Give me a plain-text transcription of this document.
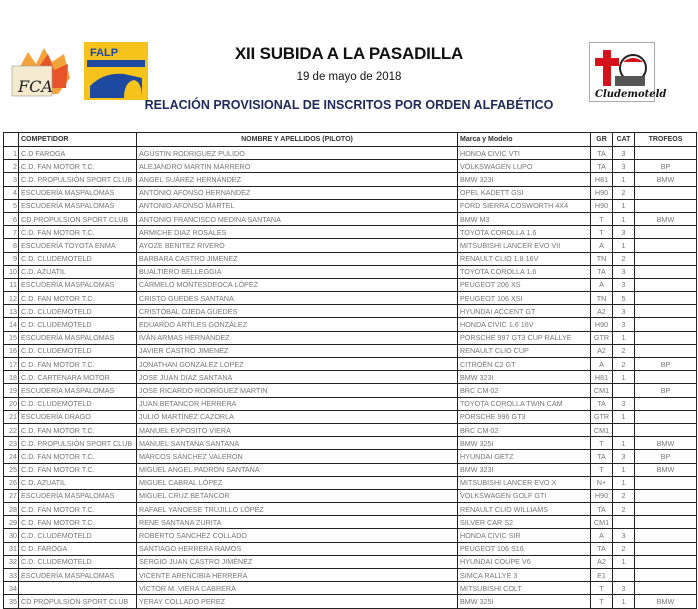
FCA
FALP
Cludemoteld
XII SUBIDA A LA PASADILLA
19 de mayo de 2018
RELACIÓN PROVISIONAL DE INSCRITOS POR ORDEN ALFABÉTICO
	COMPETIDOR	NOMBRE Y APELLIDOS (PILOTO)	Marca y Modelo	GR	CAT	TROFEOS
1	C.D FAROGA	AGUSTIN RODRIGUEZ PULIDO	HONDA CIVIC VTI	TA	3	
2	C.D. FAN MOTOR T.C.	ALEJANDRO MARTIN MARRERO	VOLKSWAGEN LUPO	TA	3	BP
3	C.D. PROPULSIÓN SPORT CLUB	ANGEL SUÁREZ HERNÁNDEZ	BMW 323I	H81	1	BMW
4	ESCUDERÍA MASPALOMAS	ANTONIO AFONSO HERNANDEZ	OPEL KADETT GSI	H90	2	
5	ESCUDERÍA MASPALOMAS	ANTONIO AFONSO MARTEL	FORD SIERRA COSWORTH 4X4	H90	1	
6	CD PROPULSION SPORT CLUB	ANTONIO FRANCISCO MEDINA SANTANA	BMW M3	T	1	BMW
7	C.D. FAN MOTOR T.C.	ARMICHE DIAZ ROSALES	TOYOTA COROLLA 1.6	T	3	
8	ESCUDERÍA TOYOTA ENMA	AYOZE BENITEZ RIVERO	MITSUBISHI LANCER EVO VII	A	1	
9	C.D. CLUDEMOTELD	BARBARA CASTRO JIMENEZ	RENAULT CLIO 1.8 16V	TN	2	
10	C.D. AZUATIL	BUALTIERO BELLEGGIA	TOYOTA COROLLA 1.6	TA	3	
11	ESCUDERÍA MASPALOMAS	CARMELO MONTESDEOCA LÓPEZ	PEUGEOT 206 XS	A	3	
12	C.D. FAN MOTOR T.C.	CRISTO GUEDES SANTANA	PEUGEOT 106 XSI	TN	5	
13	C.D. CLUDEMOTELD	CRISTÓBAL OJEDA GUEDES	HYUNDAI ACCENT GT	A2	3	
14	C.D. CLUDEMOTELD	EDUARDO ARTILES GONZÁLEZ	HONDA CIVIC 1.6 16V	H90	3	
15	ESCUDERÍA MASPALOMAS	IVÁN ARMAS HERNÁNDEZ	PORSCHE 997 GT3 CUP RALLYE	GTR	1	
16	C.D. CLUDEMOTELD	JAVIER CASTRO JIMENEZ	RENAULT CLIO CUP	A2	2	
17	C.D. FAN MOTOR T.C.	JONATHAN GONZALEZ LOPEZ	CITROËN C2 GT	A	2	BP
18	C.D. CARTENARA MOTOR	JOSE JUAN DIAZ SANTANA	BMW 323I	H81	1	
19	ESCUDERÍA MASPALOMAS	JOSE RICARDO RODRÍGUEZ MARTIN	BRC CM 02	CM1		BP
20	C.D. CLUDEMOTELD	JUAN BETANCOR HERRERA	TOYOTA COROLLA TWIN CAM	TA	3	
21	ESCUDERÍA DRAGO	JULIO MARTÍNEZ CAZORLA	PORSCHE 996 GT3	GTR	1	
22	C.D. FAN MOTOR T.C.	MANUEL EXPOSITO VIERA	BRC CM 02	CM1		
23	C.D. PROPULSIÓN SPORT CLUB	MANUEL SANTANA SANTANA	BMW 325I	T	1	BMW
24	C.D. FAN MOTOR T.C.	MARCOS SÁNCHEZ VALERON	HYUNDAI GETZ	TA	3	BP
25	C.D. FAN MOTOR T.C.	MIGUEL ANGEL PADRON SANTANA	BMW 323I	T	1	BMW
26	C.D. AZUATIL	MIGUEL CABRAL LÓPEZ	MITSUBISHI LANCER EVO X	N+	1	
27	ESCUDERÍA MASPALOMAS	MIGUEL CRUZ BETANCOR	VOLKSWAGEN GOLF GTI	H90	2	
28	C.D. FAN MOTOR T.C.	RAFAEL YANOESE TRUJILLO LÓPEZ	RENAULT CLIO WILLIAMS	TA	2	
29	C.D. FAN MOTOR T.C.	RENE SANTANA ZURITA	SILVER CAR S2	CM1		
30	C.D. CLUDEMOTELD	ROBERTO SANCHEZ COLLADO	HONDA CIVIC SIR	A	3	
31	C.D. FAROGA	SANTIAGO HERRERA RAMOS	PEUGEOT 106 S16	TA	2	
32	C.D. CLUDEMOTELD	SERGIO JUAN CASTRO JIMÉNEZ	HYUNDAI COUPE V6	A2	1	
33	ESCUDERÍA MASPALOMAS	VICENTE ARENCIBIA HERRERA	SIMCA RALLYE 3	E1		
34		VÍCTOR M. VIERA CABRERA	MITSUBISHI COLT	T	3	
35	CD PROPULSION SPORT CLUB	YERAY COLLADO PEREZ	BMW 325I	T	1	BMW
